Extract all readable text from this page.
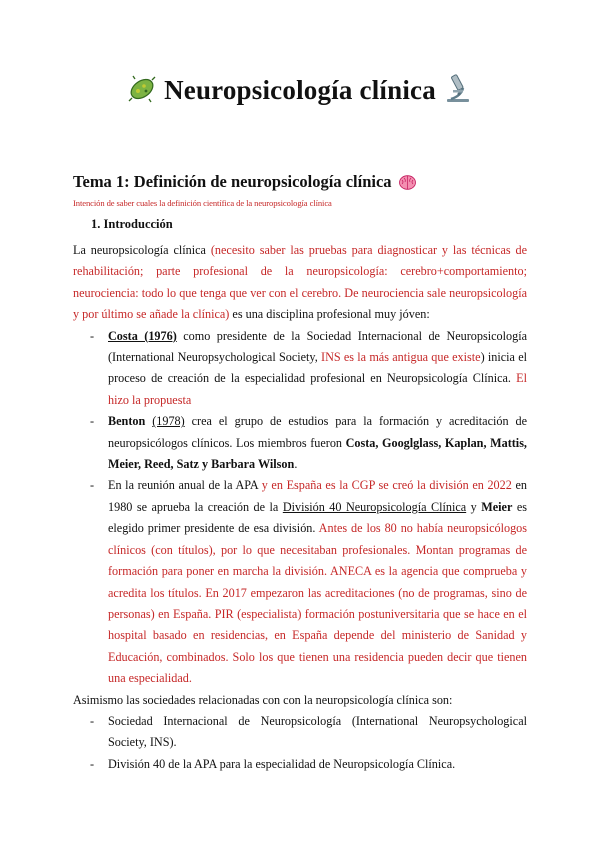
Neuropsicología clínica
Tema 1: Definición de neuropsicología clínica
Intención de saber cuales la definición científica de la neuropsicología clínica
1. Introducción

La neuropsicología clínica (necesito saber las pruebas para diagnosticar y las técnicas de rehabilitación; parte profesional de la neuropsicología: cerebro+comportamiento; neurociencia: todo lo que tenga que ver con el cerebro. De neurociencia sale neuropsicología y por último se añade la clínica) es una disciplina profesional muy jóven:

- Costa (1976) como presidente de la Sociedad Internacional de Neuropsicología (International Neuropsychological Society, INS es la más antigua que existe) inicia el proceso de creación de la especialidad profesional en Neuropsicología Clínica. El hizo la propuesta
- Benton (1978) crea el grupo de estudios para la formación y acreditación de neuropsicólogos clínicos. Los miembros fueron Costa, Googlglass, Kaplan, Mattis, Meier, Reed, Satz y Barbara Wilson.
- En la reunión anual de la APA y en España es la CGP se creó la división en 2022 en 1980 se aprueba la creación de la División 40 Neuropsicología Clínica y Meier es elegido primer presidente de esa división. Antes de los 80 no había neuropsicólogos clínicos (con títulos), por lo que necesitaban profesionales. Montan programas de formación para poner en marcha la división. ANECA es la agencia que comprueba y acredita los títulos. En 2017 empezaron las acreditaciones (no de programas, sino de personas) en España. PIR (especialista) formación postuniversitaria que se hace en el hospital basado en residencias, en España depende del ministerio de Sanidad y Educación, combinados. Solo los que tienen una residencia pueden decir que tienen una especialidad.

Asimismo las sociedades relacionadas con con la neuropsicología clínica son:

- Sociedad Internacional de Neuropsicología (International Neuropsychological Society, INS).
- División 40 de la APA para la especialidad de Neuropsicología Clínica.
